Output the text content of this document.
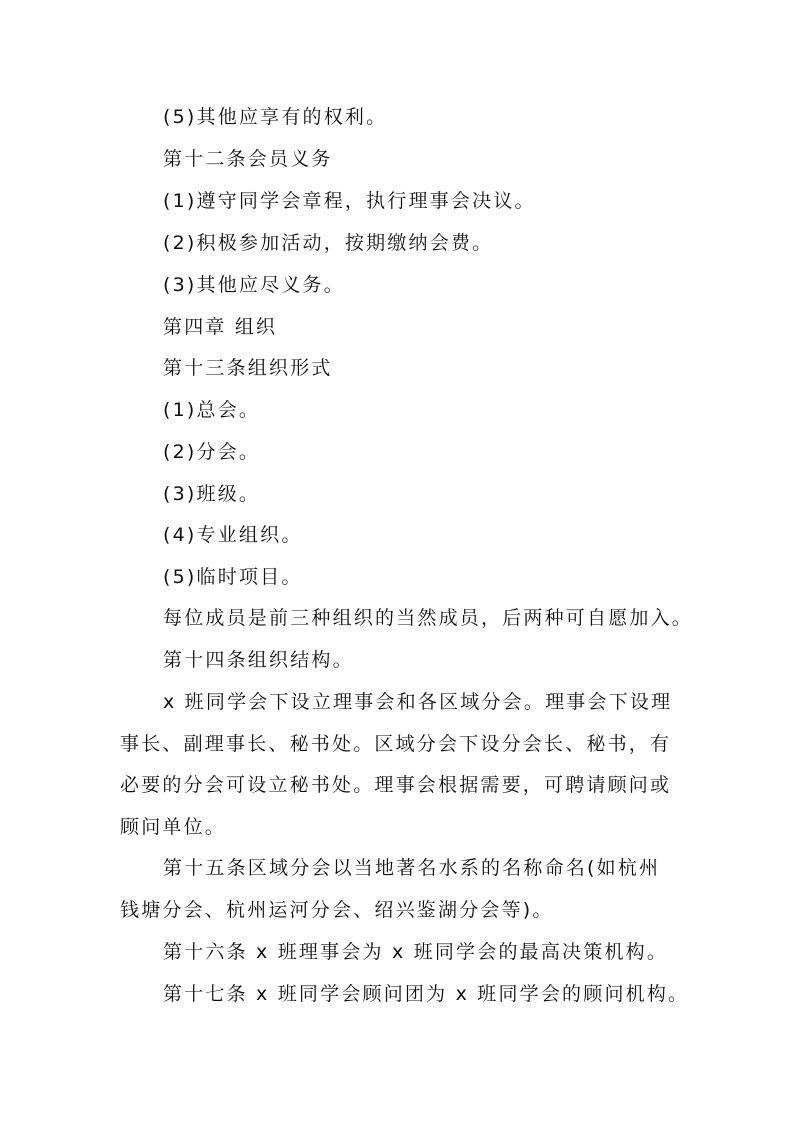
(5)其他应享有的权利。
第十二条会员义务
(1)遵守同学会章程，执行理事会决议。
(2)积极参加活动，按期缴纳会费。
(3)其他应尽义务。
第四章 组织
第十三条组织形式
(1)总会。
(2)分会。
(3)班级。
(4)专业组织。
(5)临时项目。
每位成员是前三种组织的当然成员，后两种可自愿加入。
第十四条组织结构。
x 班同学会下设立理事会和各区域分会。理事会下设理
事长、副理事长、秘书处。区域分会下设分会长、秘书，有
必要的分会可设立秘书处。理事会根据需要，可聘请顾问或
顾问单位。
第十五条区域分会以当地著名水系的名称命名(如杭州
钱塘分会、杭州运河分会、绍兴鉴湖分会等)。
第十六条 x 班理事会为 x 班同学会的最高决策机构。
第十七条 x 班同学会顾问团为 x 班同学会的顾问机构。
